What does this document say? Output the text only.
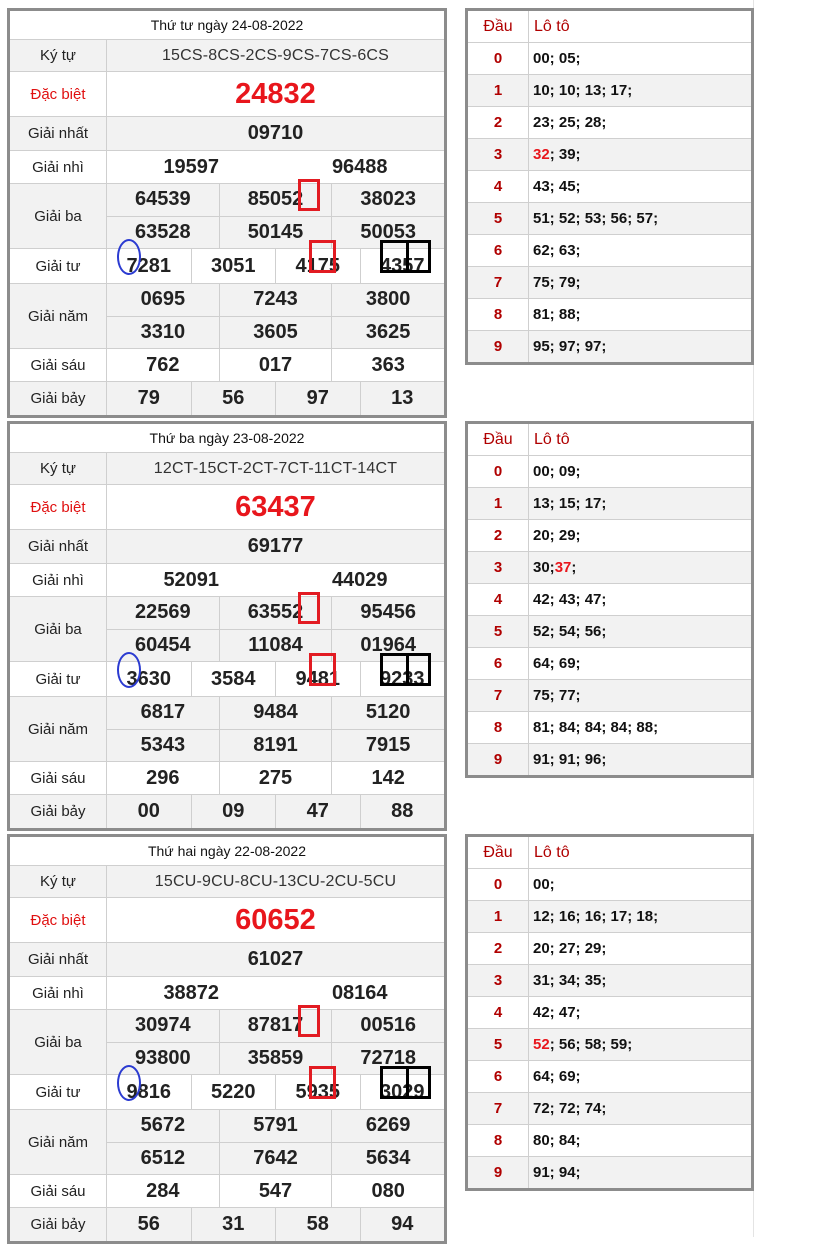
Thứ tư ngày 24-08-2022
Ký tự	15CS-8CS-2CS-9CS-7CS-6CS
Đặc biệt	24832
Giải nhất	09710
Giải nhì	19597	96488
Giải ba
64539	85052	38023
63528	50145	50053
Giải tư	7281	3051	4175	4357
Giải năm
0695	7243	3800
3310	3605	3625
Giải sáu	762	017	363
Giải bảy	79	56	97	13
Đầu	Lô tô
0	00; 05;
1	10; 10; 13; 17;
2	23; 25; 28;
3	32 ; 39;
4	43; 45;
5	51; 52; 53; 56; 57;
6	62; 63;
7	75; 79;
8	81; 88;
9	95; 97; 97;
Thứ ba ngày 23-08-2022
Ký tự	12CT-15CT-2CT-7CT-11CT-14CT
Đặc biệt	63437
Giải nhất	69177
Giải nhì	52091	44029
Giải ba
22569	63552	95456
60454	11084	01964
Giải tư	3630	3584	9481	9233
Giải năm
6817	9484	5120
5343	8191	7915
Giải sáu	296	275	142
Giải bảy	00	09	47	88
Đầu	Lô tô
0	00; 09;
1	13; 15; 17;
2	20; 29;
3	30; 37 ;
4	42; 43; 47;
5	52; 54; 56;
6	64; 69;
7	75; 77;
8	81; 84; 84; 84; 88;
9	91; 91; 96;
Thứ hai ngày 22-08-2022
Ký tự	15CU-9CU-8CU-13CU-2CU-5CU
Đặc biệt	60652
Giải nhất	61027
Giải nhì	38872	08164
Giải ba
30974	87817	00516
93800	35859	72718
Giải tư	9816	5220	5935	3029
Giải năm
5672	5791	6269
6512	7642	5634
Giải sáu	284	547	080
Giải bảy	56	31	58	94
Đầu	Lô tô
0	00;
1	12; 16; 16; 17; 18;
2	20; 27; 29;
3	31; 34; 35;
4	42; 47;
5	52 ; 56; 58; 59;
6	64; 69;
7	72; 72; 74;
8	80; 84;
9	91; 94;
